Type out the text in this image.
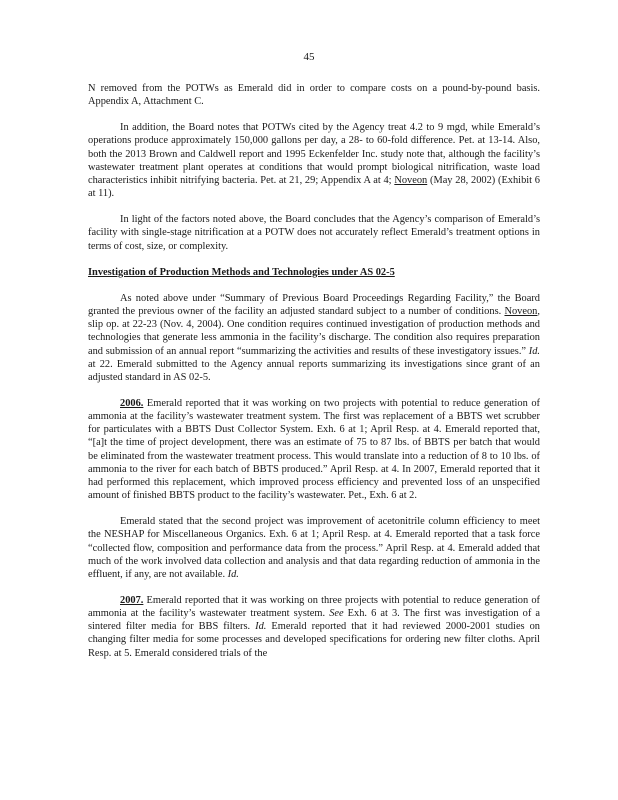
45

N removed from the POTWs as Emerald did in order to compare costs on a pound-by-pound basis. Appendix A, Attachment C.

In addition, the Board notes that POTWs cited by the Agency treat 4.2 to 9 mgd, while Emerald’s operations produce approximately 150,000 gallons per day, a 28- to 60-fold difference. Pet. at 13-14. Also, both the 2013 Brown and Caldwell report and 1995 Eckenfelder Inc. study note that, although the facility’s wastewater treatment plant operates at conditions that would prompt biological nitrification, waste load characteristics inhibit nitrifying bacteria. Pet. at 21, 29; Appendix A at 4; Noveon (May 28, 2002) (Exhibit 6 at 11).

In light of the factors noted above, the Board concludes that the Agency’s comparison of Emerald’s facility with single-stage nitrification at a POTW does not accurately reflect Emerald’s treatment options in terms of cost, size, or complexity.

Investigation of Production Methods and Technologies under AS 02-5

As noted above under “Summary of Previous Board Proceedings Regarding Facility,” the Board granted the previous owner of the facility an adjusted standard subject to a number of conditions. Noveon, slip op. at 22-23 (Nov. 4, 2004). One condition requires continued investigation of production methods and technologies that generate less ammonia in the facility’s discharge. The condition also requires preparation and submission of an annual report “summarizing the activities and results of these investigatory issues.” Id. at 22. Emerald submitted to the Agency annual reports summarizing its investigations since grant of an adjusted standard in AS 02-5.

2006. Emerald reported that it was working on two projects with potential to reduce generation of ammonia at the facility’s wastewater treatment system. The first was replacement of a BBTS wet scrubber for particulates with a BBTS Dust Collector System. Exh. 6 at 1; April Resp. at 4. Emerald reported that, “[a]t the time of project development, there was an estimate of 75 to 87 lbs. of BBTS per batch that would be eliminated from the wastewater treatment process. This would translate into a reduction of 8 to 10 lbs. of ammonia to the river for each batch of BBTS produced.” April Resp. at 4. In 2007, Emerald reported that it had performed this replacement, which improved process efficiency and prevented loss of an unspecified amount of finished BBTS product to the facility’s wastewater. Pet., Exh. 6 at 2.

Emerald stated that the second project was improvement of acetonitrile column efficiency to meet the NESHAP for Miscellaneous Organics. Exh. 6 at 1; April Resp. at 4. Emerald reported that a task force “collected flow, composition and performance data from the process.” April Resp. at 4. Emerald added that much of the work involved data collection and analysis and that data regarding reduction of ammonia in the effluent, if any, are not available. Id.

2007. Emerald reported that it was working on three projects with potential to reduce generation of ammonia at the facility’s wastewater treatment system. See Exh. 6 at 3. The first was investigation of a sintered filter media for BBS filters. Id. Emerald reported that it had reviewed 2000-2001 studies on changing filter media for some processes and developed specifications for ordering new filter cloths. April Resp. at 5. Emerald considered trials of the
